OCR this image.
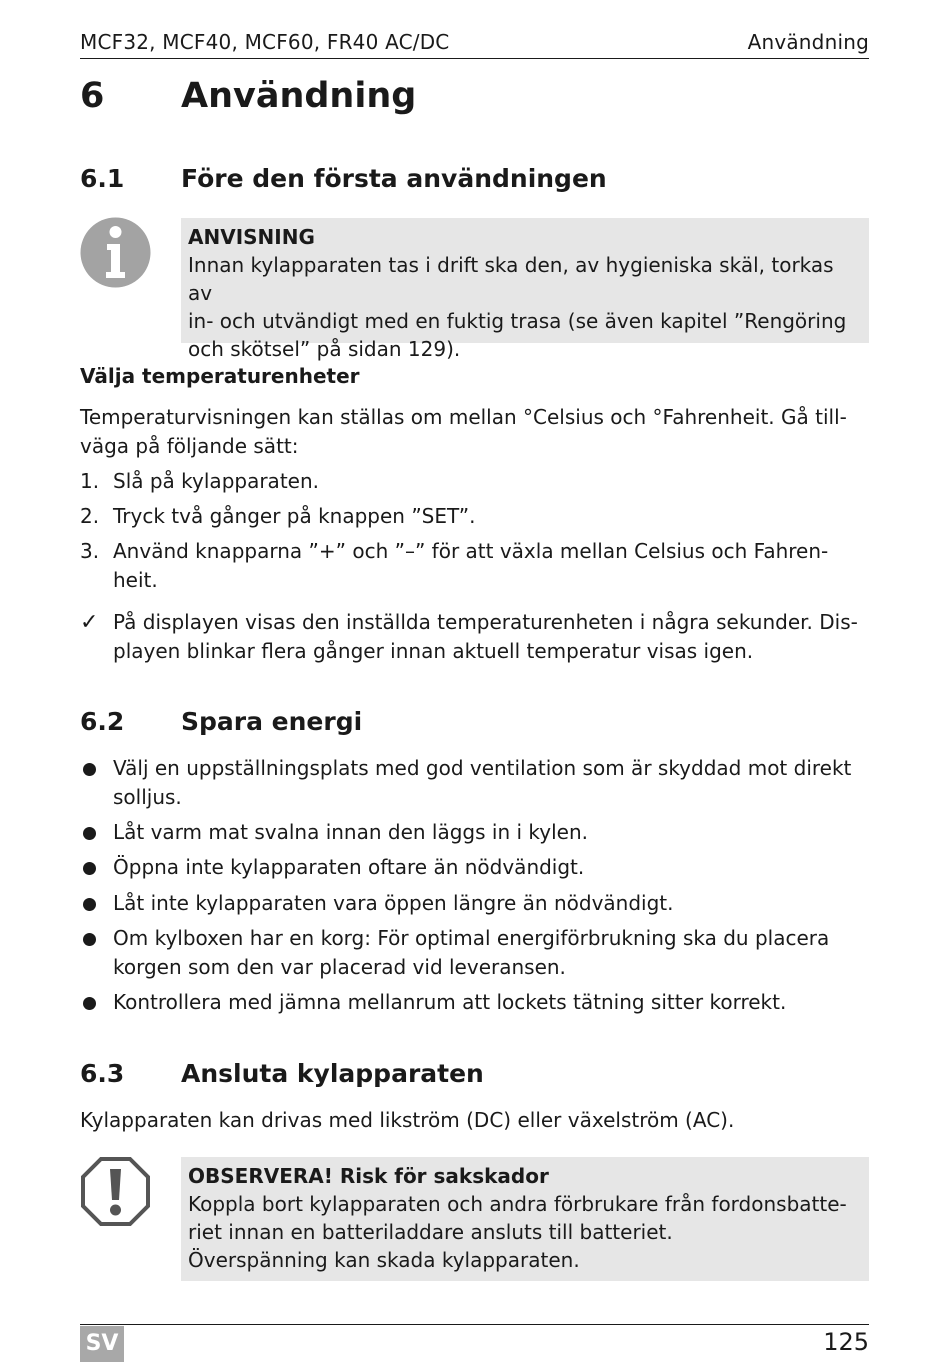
MCF32, MCF40, MCF60, FR40 AC/DC	Användning
6 Användning
6.1 Före den första användningen
ANVISNING
Innan kylapparaten tas i drift ska den, av hygieniska skäl, torkas av
in- och utvändigt med en fuktig trasa (se även kapitel ”Rengöring
och skötsel” på sidan 129).
Välja temperaturenheter
Temperaturvisningen kan ställas om mellan °Celsius och °Fahrenheit. Gå till-
väga på följande sätt:
1. Slå på kylapparaten.
2. Tryck två gånger på knappen ”SET”.
3. Använd knapparna ”+” och ”–” för att växla mellan Celsius och Fahren-
heit.
✓ På displayen visas den inställda temperaturenheten i några sekunder. Dis-
playen blinkar flera gånger innan aktuell temperatur visas igen.
6.2 Spara energi
Välj en uppställningsplats med god ventilation som är skyddad mot direkt
solljus.
Låt varm mat svalna innan den läggs in i kylen.
Öppna inte kylapparaten oftare än nödvändigt.
Låt inte kylapparaten vara öppen längre än nödvändigt.
Om kylboxen har en korg: För optimal energiförbrukning ska du placera
korgen som den var placerad vid leveransen.
Kontrollera med jämna mellanrum att lockets tätning sitter korrekt.
6.3 Ansluta kylapparaten
Kylapparaten kan drivas med likström (DC) eller växelström (AC).
OBSERVERA! Risk för sakskador
Koppla bort kylapparaten och andra förbrukare från fordonsbatte-
riet innan en batteriladdare ansluts till batteriet.
Överspänning kan skada kylapparaten.
SV	125
